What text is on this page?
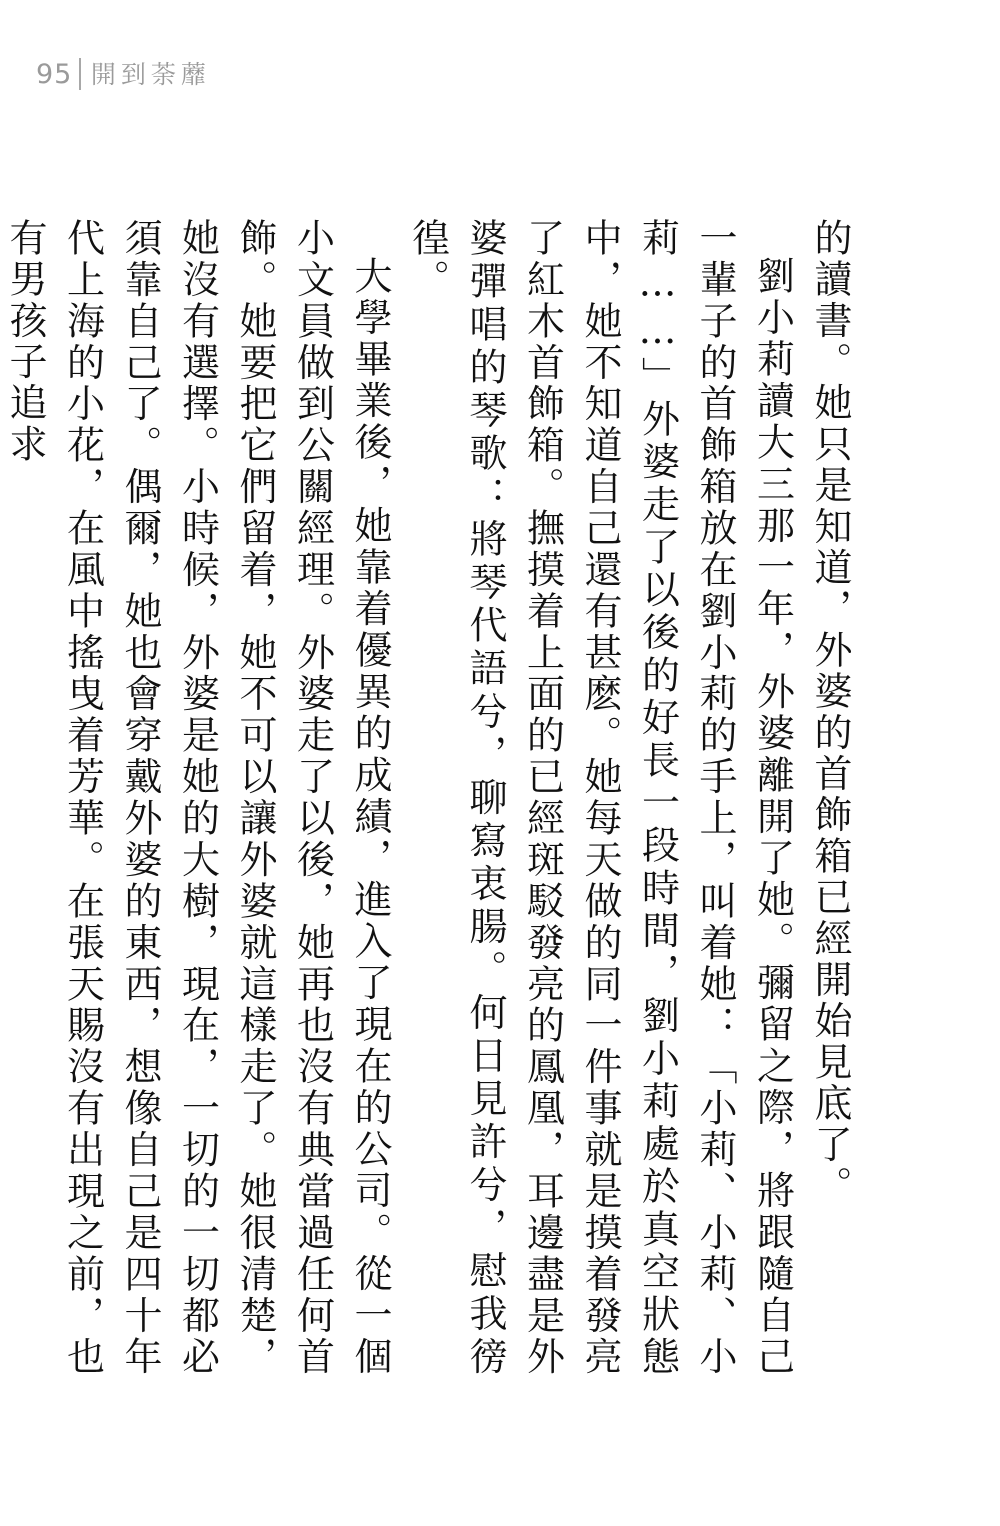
95 開到荼蘼

的讀書。她只是知道，外婆的首飾箱已經開始見底了。

劉小莉讀大三那一年，外婆離開了她。彌留之際，將跟隨自己一輩子的首飾箱放在劉小莉的手上，叫着她：「小莉、小莉、小莉……」外婆走了以後的好長一段時間，劉小莉處於真空狀態中，她不知道自己還有甚麽。她每天做的同一件事就是摸着發亮了紅木首飾箱。撫摸着上面的已經斑駁發亮的鳳凰，耳邊盡是外婆彈唱的琴歌：將琴代語兮，聊寫衷腸。何日見許兮，慰我徬徨。

大學畢業後，她靠着優異的成績，進入了現在的公司。從一個小文員做到公關經理。外婆走了以後，她再也沒有典當過任何首飾。她要把它們留着，她不可以讓外婆就這樣走了。她很清楚，她沒有選擇。小時候，外婆是她的大樹，現在，一切的一切都必須靠自己了。偶爾，她也會穿戴外婆的東西，想像自己是四十年代上海的小花，在風中搖曳着芳華。在張天賜沒有出現之前，也有男孩子追求
